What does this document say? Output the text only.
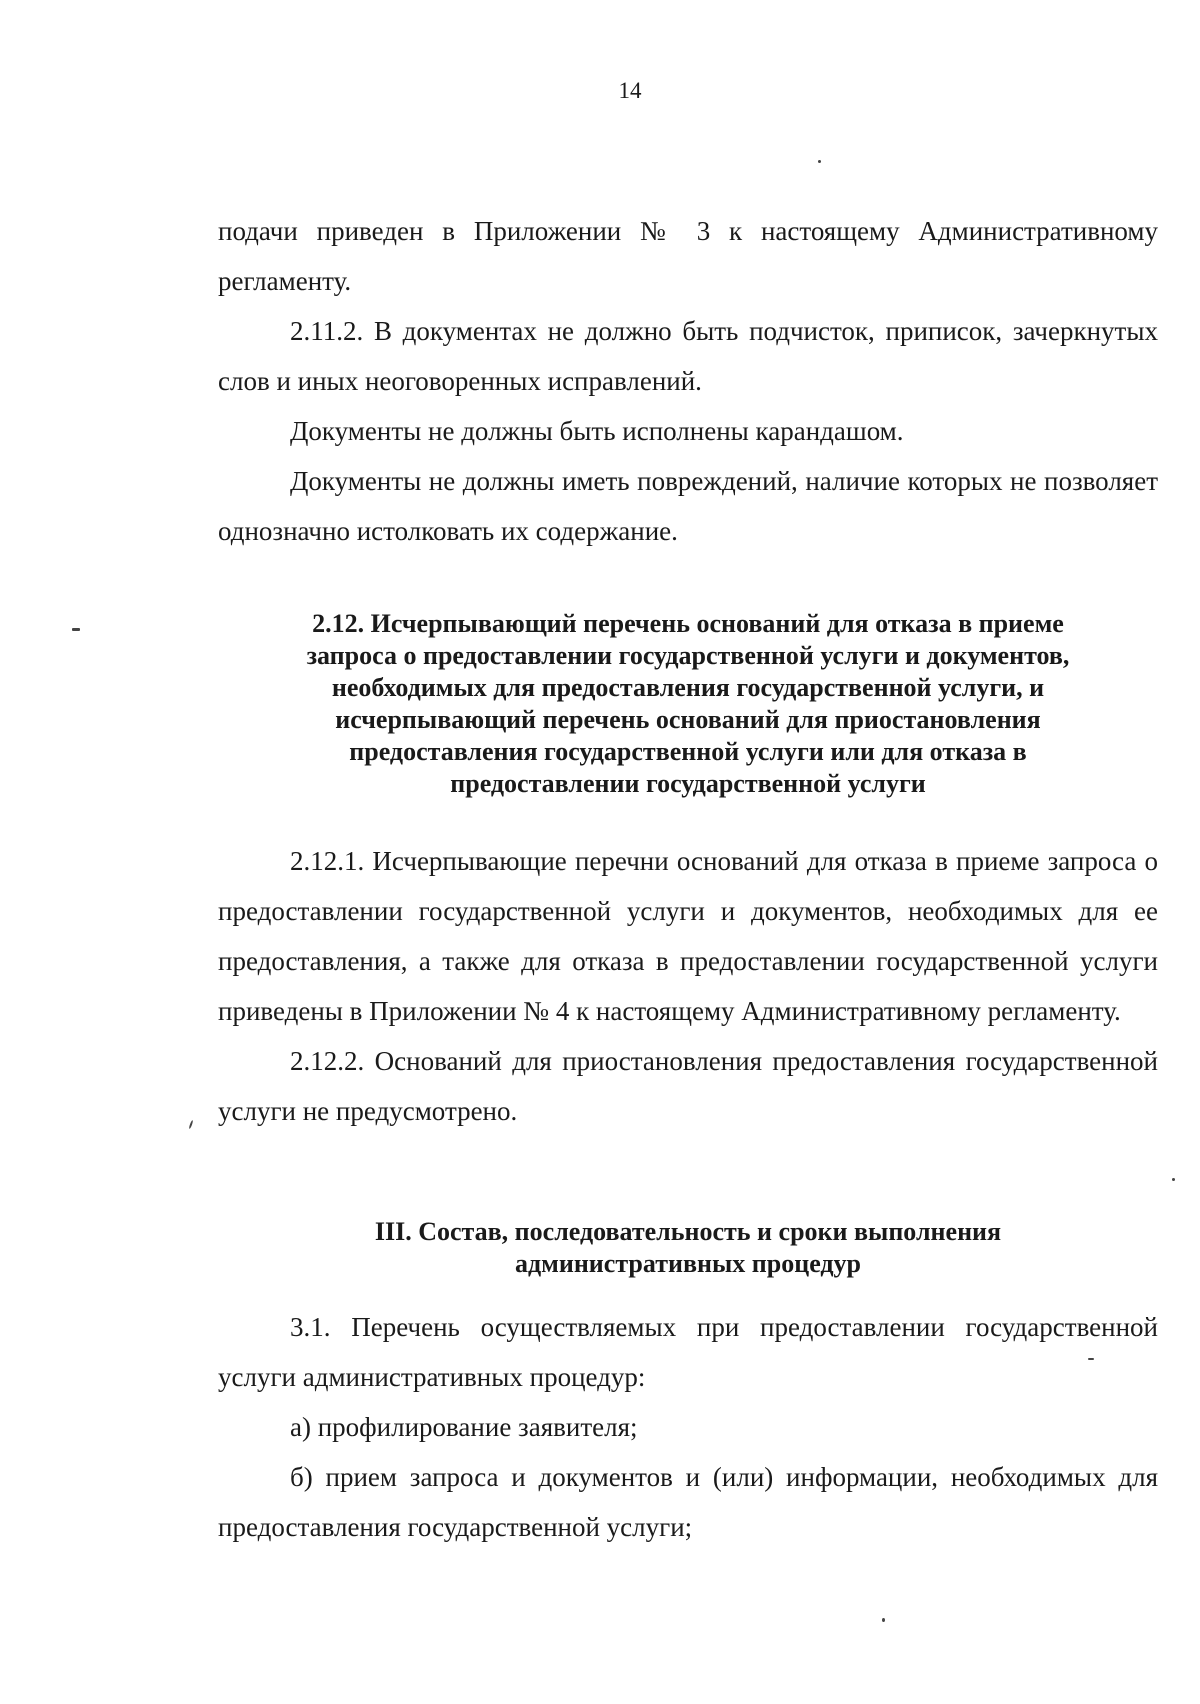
14

подачи приведен в Приложении № 3 к настоящему Административному регламенту.

2.11.2. В документах не должно быть подчисток, приписок, зачеркнутых слов и иных неоговоренных исправлений.

Документы не должны быть исполнены карандашом.

Документы не должны иметь повреждений, наличие которых не позволяет однозначно истолковать их содержание.

2.12. Исчерпывающий перечень оснований для отказа в приеме
запроса о предоставлении государственной услуги и документов,
необходимых для предоставления государственной услуги, и
исчерпывающий перечень оснований для приостановления
предоставления государственной услуги или для отказа в
предоставлении государственной услуги

2.12.1. Исчерпывающие перечни оснований для отказа в приеме запроса о предоставлении государственной услуги и документов, необходимых для ее предоставления, а также для отказа в предоставлении государственной услуги приведены в Приложении № 4 к настоящему Административному регламенту.

2.12.2. Оснований для приостановления предоставления государственной услуги не предусмотрено.

III. Состав, последовательность и сроки выполнения
административных процедур

3.1. Перечень осуществляемых при предоставлении государственной услуги административных процедур:

а) профилирование заявителя;

б) прием запроса и документов и (или) информации, необходимых для предоставления государственной услуги;
